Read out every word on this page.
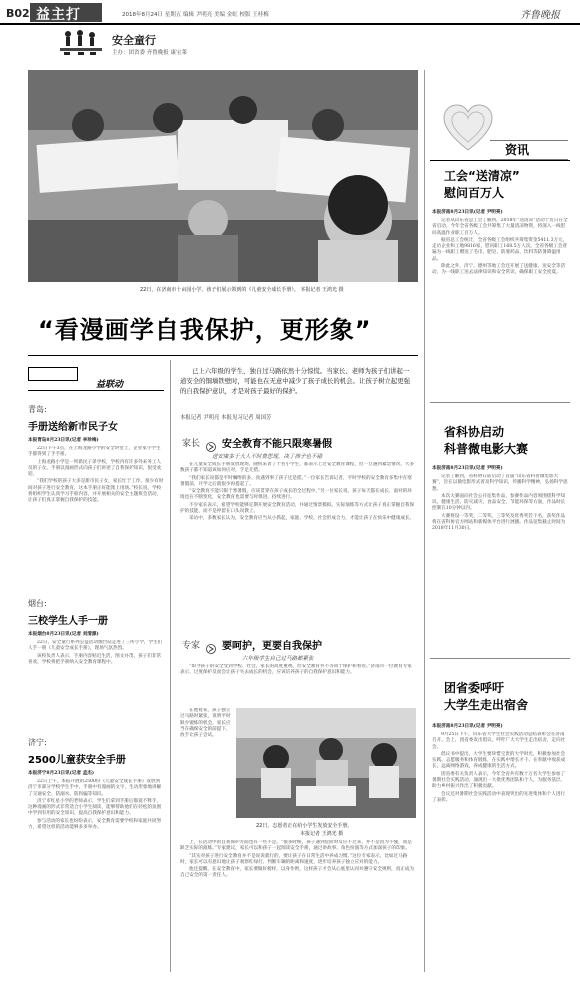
B02 益主打	2018年8月24日 星期五 编辑 尹明亮 美编 金虹 校版 王桂梅	齐鲁晚报
安全童行
主办：团省委 齐鲁晚报 康宝莱
22日，在济南市十亩园小学，孩子们展示领到的《儿童安全成长手册》。 本报记者 王鸿光 摄
“看漫画学自我保护，更形象”
益联动
青岛:
手册送给新市民子女
本报青岛8月23日讯(记者 李珍梅)

22日下午3点，在上海龙路小学的安全讲堂上，企业家小学生手都得到了手手册。

上海龙路小学是一所新民子弟学校，学校内有许多外来务工人员的子女。手册以漫画形式向孩子们讲述了自我保护知识，很受欢迎。

“我们学校的孩子大多是新市民子女，家长忙于工作，很少有时间对孩子进行安全教育，这本手册正好能派上用场。”校长说，学校将组织学生认真学习手册内容，并开展相关的安全主题班会活动，让孩子们真正掌握自我保护的技能。

烟台:
三校学生人手一册
本报烟台8月23日讯(记者 刘清源)

22日，安全童行系列公益活动烟台站走进了三所小学，学生们人手一册《儿童安全成长手册》，现场气氛热烈。

该校负责人表示，手册内容贴近生活，图文并茂，孩子们非常喜欢，学校将把手册纳入安全教育课程中。

济宁:
2500儿童获安全手册
本报济宁8月23日讯(记者 孟杰)

22日上午，本报开展的2500份《儿童安全成长手册》发放到济宁市部分学校学生手中，手册中有漫画的文字，生动形象地讲解了交通安全、防溺水、防拐骗等知识。

济宁市红星小学的老师表示，学生们拿到手册后都爱不释手，这种漫画的形式非常适合小学生阅读，能够帮助他们在轻松的氛围中学到有用的安全知识，提高自我保护意识和能力。

参与活动的家长也纷纷表示，安全教育需要学校和家庭共同努力，希望这样的活动能够多多举办。

已上六年级的学生，独自过马路依然十分惊慌。当家长、老师为孩子们讲起一道安全的铜墙铁壁时，可能也在无意中减少了孩子成长的机会。让孩子树立起更强的自我保护意识，才是对孩子最好的保护。
本报记者 尹明亮 本报见习记者 周国芳
家长 安全教育不能只限寒暑假
送安康多于大人不时费思现，决了孩子也不错

在儿童安全成长手册发放现场，随机采访了十名小学生，都表示上过安全教育课程，但一旦遇到紧急情况，大多数孩子都不知道该如何应对，手足无措。

“我们家长说都是平时嘱咐的多，真遇到事了孩子还是慌。”一位家长告诉记者，平时学校的安全教育多集中在寒暑假前，开学之后就很少再提起了。

“安全教育不能只限于寒暑假，应该贯穿在孩子成长的全过程中。”另一位家长说，孩子每天都在成长，面对的环境也在不断变化，安全教育也需要与时俱进、持续进行。

不少家长表示，希望学校能够定期开展安全教育活动，并通过情景模拟、实际演练等方式让孩子真正掌握自我保护的技能，而不是停留在口头说教上。

采访中，多数家长认为，安全教育应当从小抓起，家庭、学校、社会形成合力，才能让孩子在快乐中健康成长。

专家 要呵护，更要自我保护
六年级学生自己过马路都紧张

“如今孩子的安全受到学校、社会、家长的高度重视，但安全教育并不等同于保护和看管。”济南市一位教育专家表示，过度保护反而会让孩子失去成长的机会，应该培养孩子的自我保护意识和能力。

在他看来，孩子独立过马路时紧张，说明平时缺少锻炼的机会，家长应当在确保安全的前提下，放手让孩子尝试。

22日，志愿者正在给小学生发放安全手册。
本报记者 王鸿光 摄

上，在活动中的自我保护方面也有一些不足。“很多时候，孩子遇到危险时反应不过来，并不是因为不懂，而是缺乏实际的演练。”专家建议，家长可以和孩子一起阅读安全手册，通过讲故事、角色扮演等方式加深孩子的印象。

“其实对孩子进行安全教育并不是说说就行的，要让孩子在日常生活中养成习惯。”这位专家表示，比如过马路时，家长可以有意识地让孩子观察红绿灯、判断车辆的距离和速度，逐步培养孩子独立应对的能力。

他还提醒，在安全教育中，家长要做好榜样，以身作则，这样孩子才会从心底里认同并遵守安全规则，真正成为自己安全的第一责任人。

资讯
工会“送清凉”
慰问百万人
本报济南8月23日讯(记者 尹明亮)

记者从山东省总工会了解到，2018年“送清凉”活动于近日在全省启动，今年全省各级工会共筹集了大量清凉物资，将深入一线慰问高温作业职工百万人。

据省总工会统计，全省各级工会组织共筹集资金5411.3万元，走访企业和工地9816家，慰问职工168.5万人次。全省各级工会普遍为一线职工赠送了毛巾、肥皂、防暑药品、饮料等防暑降温用品。

除此之外，济宁、德州等地工会还开展了送健康、送安全等活动，为一线职工送去法律知识和安全常识，确保职工安全度夏。

省科协启动
科普微电影大赛
本报济南8月23日讯(记者 尹明亮)

记者了解到，省科协日前启动了首届“山东省科普微电影大赛”，旨在以微电影形式普及科学知识，传播科学精神，弘扬科学思想。

本次大赛面向社会公开征集作品，参赛作品内容须围绕科学知识、健康生活、防灾减灾、食品安全、节能环保等方面，作品时长控制在10分钟以内。

大赛将设一等奖、二等奖、三等奖及优秀奖若干名，获奖作品将在省科协官方网站和新媒体平台进行展播。作品征集截止时间为2018年11月30日。

团省委呼吁
大学生走出宿舍
本报济南8月23日讯(记者 尹明亮)

9月25日下午，山东省大学生社会实践活动总结表彰会在济南召开。会上，团省委发出倡议，呼吁广大大学生走出宿舍，走向社会。

倡议书中提出，大学生要珍惜宝贵的大学时光，积极参加社会实践、志愿服务和体育锻炼，在实践中增长才干、在奉献中收获成长，远离网络游戏，养成健康的生活方式。

团省委有关负责人表示，今年全省共有数十万名大学生参加了暑期社会实践活动，涌现出一大批优秀团队和个人，为服务基层、助力乡村振兴作出了积极贡献。

会议还对暑期社会实践活动中表现突出的先进集体和个人进行了表彰。
